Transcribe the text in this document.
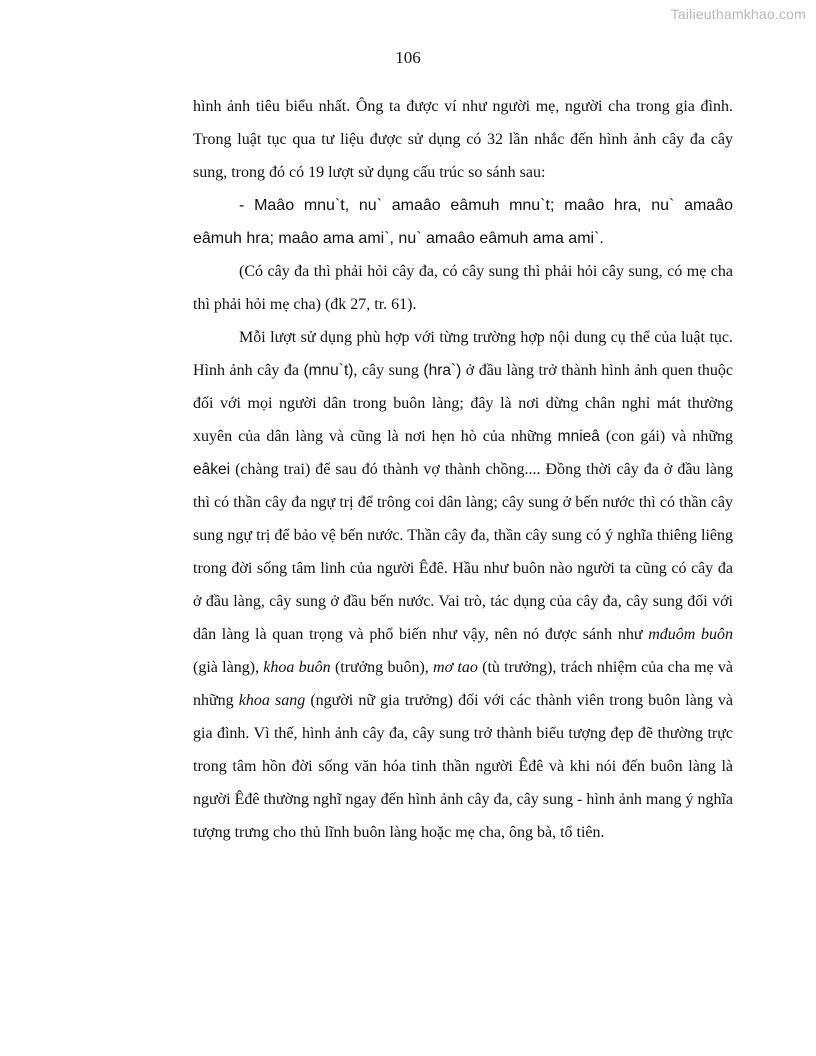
Tailieuthamkhao.com
106

hình ảnh tiêu biểu nhất. Ông ta được ví như người mẹ, người cha trong gia đình. Trong luật tục qua tư liệu được sử dụng có 32 lần nhắc đến hình ảnh cây đa cây sung, trong đó có 19 lượt sử dụng cấu trúc so sánh sau:

- Maâo mnu`t, nu` amaâo eâmuh mnu`t; maâo hra, nu` amaâo eâmuh hra; maâo ama ami`, nu` amaâo eâmuh ama ami`.

(Có cây đa thì phải hỏi cây đa, có cây sung thì phải hỏi cây sung, có mẹ cha thì phải hỏi mẹ cha) (đk 27, tr. 61).

Mỗi lượt sử dụng phù hợp với từng trường hợp nội dung cụ thể của luật tục. Hình ảnh cây đa (mnu`t), cây sung (hra`) ở đầu làng trở thành hình ảnh quen thuộc đối với mọi người dân trong buôn làng; đây là nơi dừng chân nghỉ mát thường xuyên của dân làng và cũng là nơi hẹn hò của những mnieâ (con gái) và những eâkei (chàng trai) để sau đó thành vợ thành chồng.... Đồng thời cây đa ở đầu làng thì có thần cây đa ngự trị để trông coi dân làng; cây sung ở bến nước thì có thần cây sung ngự trị để bảo vệ bến nước. Thần cây đa, thần cây sung có ý nghĩa thiêng liêng trong đời sống tâm linh của người Êđê. Hầu như buôn nào người ta cũng có cây đa ở đầu làng, cây sung ở đầu bến nước. Vai trò, tác dụng của cây đa, cây sung đối với dân làng là quan trọng và phổ biến như vậy, nên nó được sánh như mđuôm buôn (già làng), khoa buôn (trưởng buôn), mơ tao (tù trưởng), trách nhiệm của cha mẹ và những khoa sang (người nữ gia trưởng) đối với các thành viên trong buôn làng và gia đình. Vì thế, hình ảnh cây đa, cây sung trở thành biểu tượng đẹp đẽ thường trực trong tâm hồn đời sống văn hóa tinh thần người Êđê và khi nói đến buôn làng là người Êđê thường nghĩ ngay đến hình ảnh cây đa, cây sung - hình ảnh mang ý nghĩa tượng trưng cho thủ lĩnh buôn làng hoặc mẹ cha, ông bà, tổ tiên.
